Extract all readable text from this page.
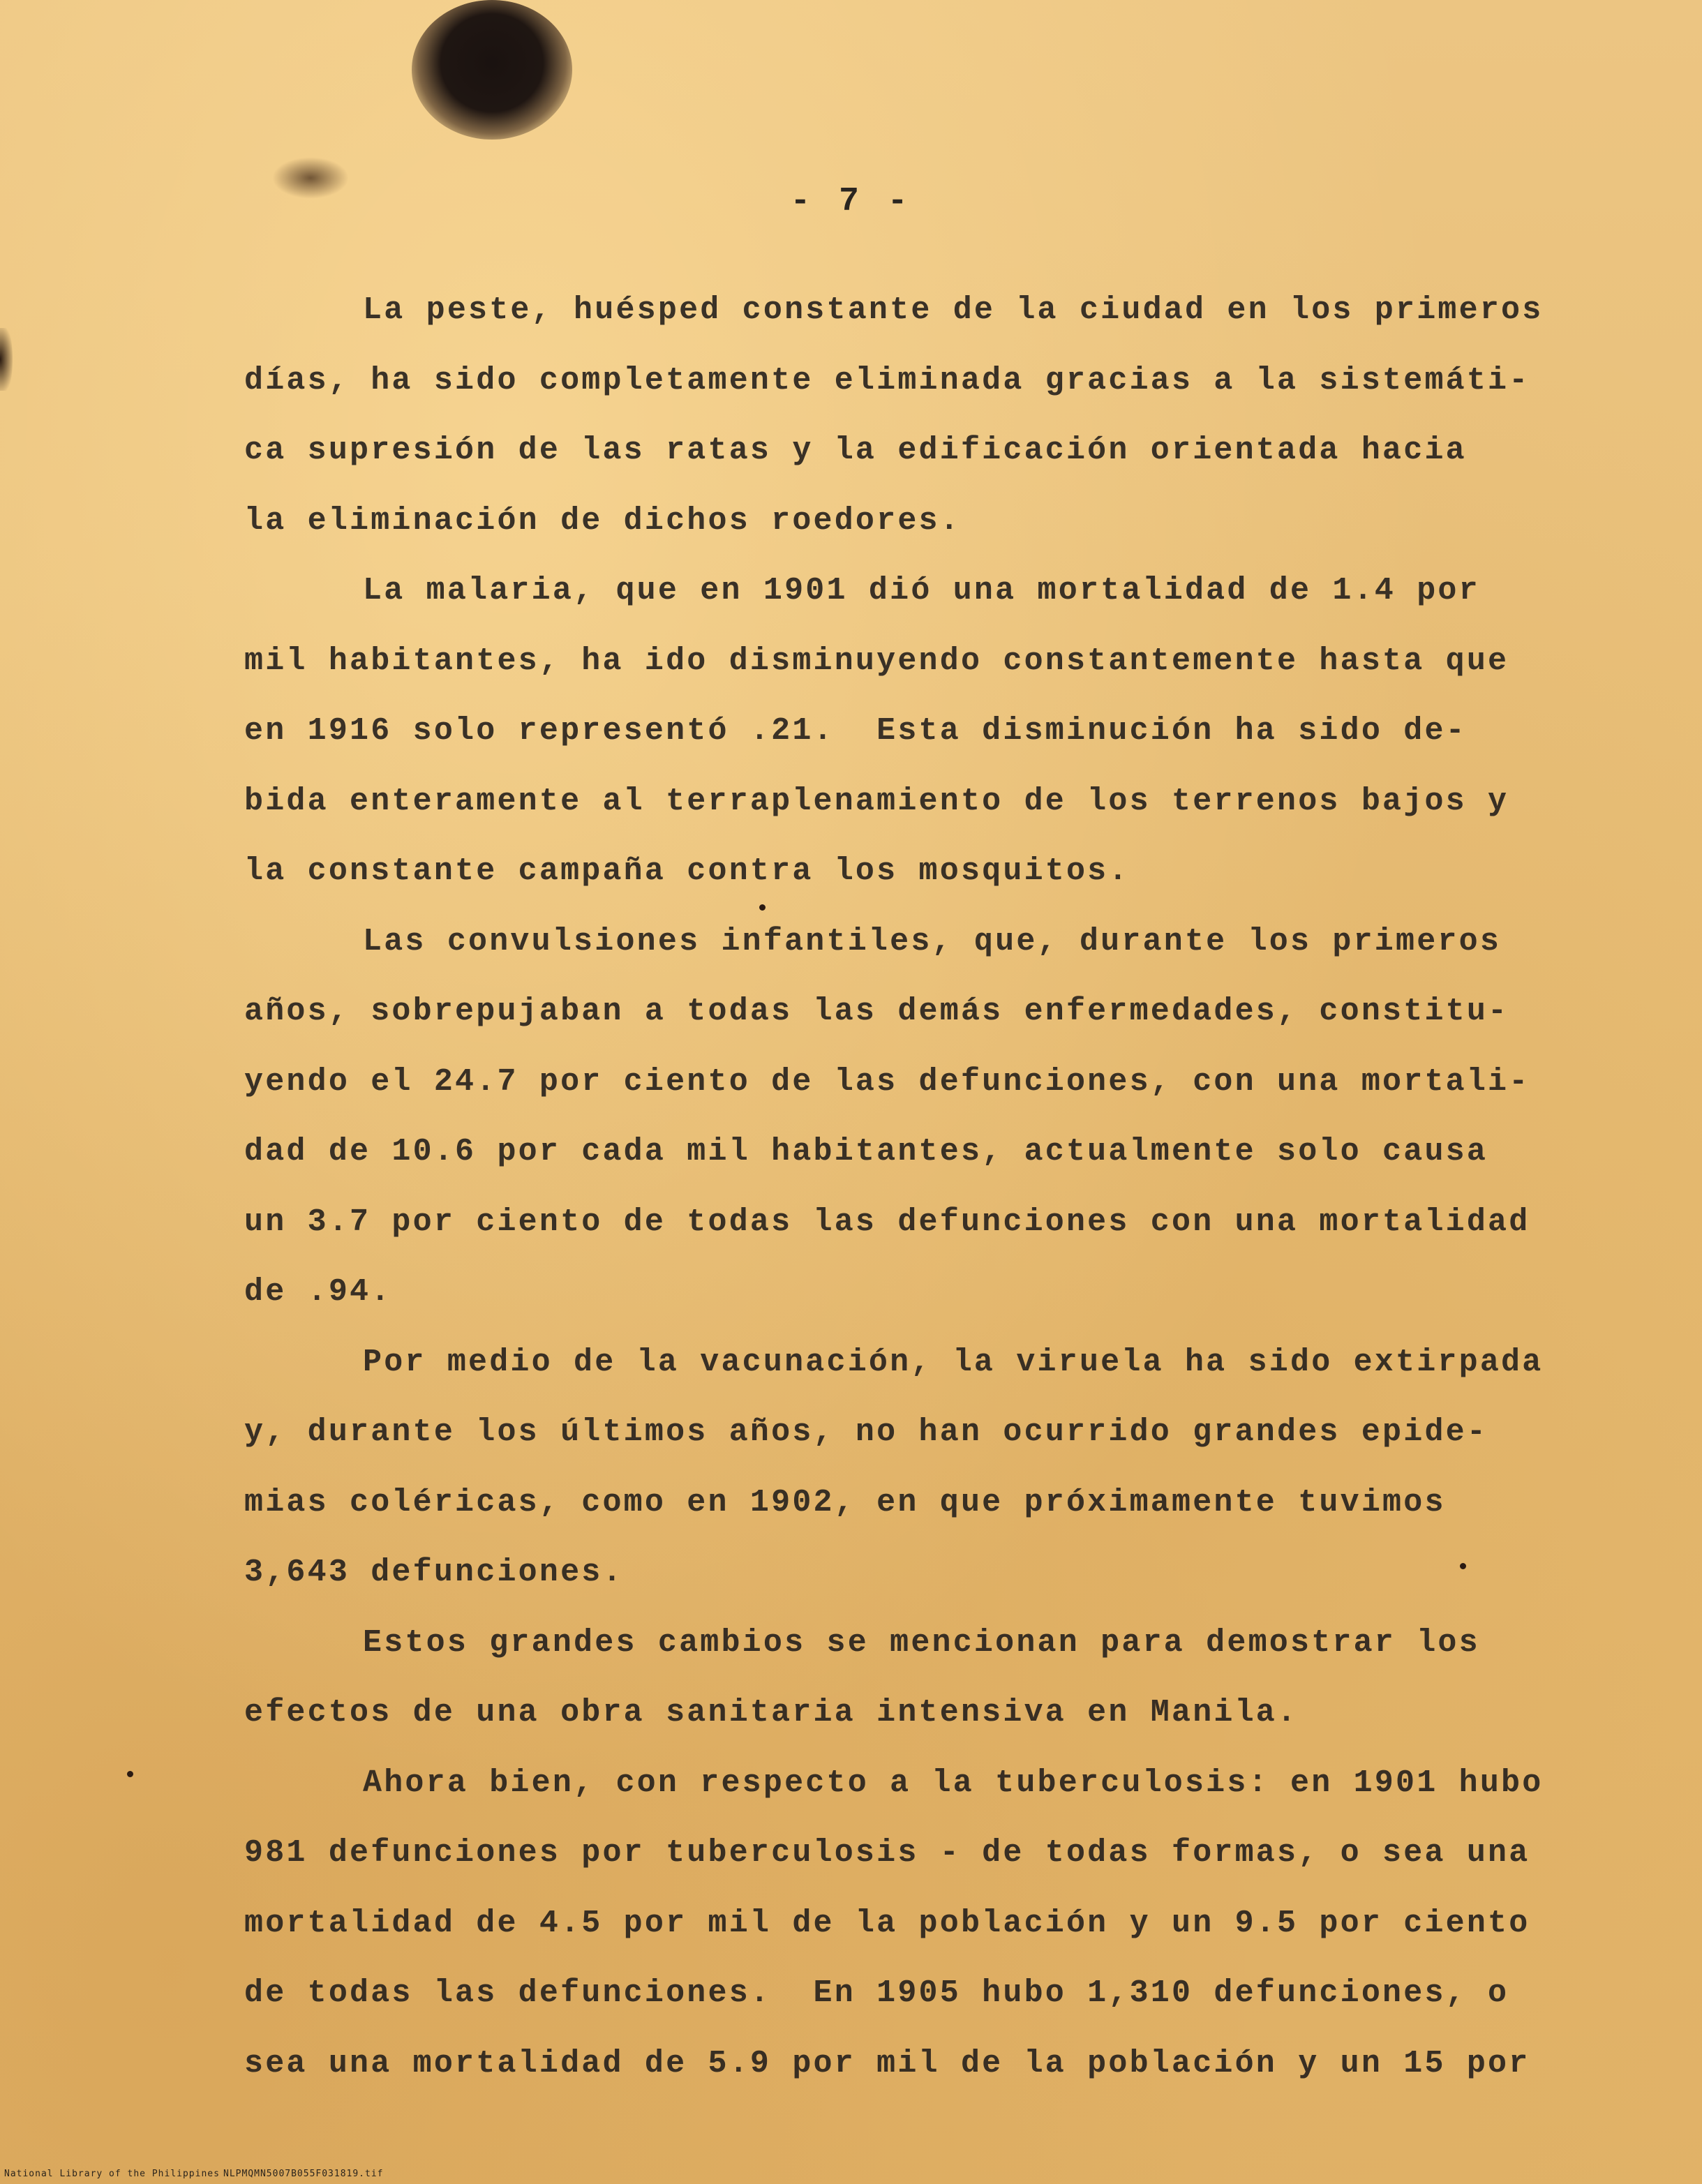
- 7 -
La peste, huésped constante de la ciudad en los primeros
días, ha sido completamente eliminada gracias a la sistemáti-
ca supresión de las ratas y la edificación orientada hacia
la eliminación de dichos roedores.
La malaria, que en 1901 dió una mortalidad de 1.4 por
mil habitantes, ha ido disminuyendo constantemente hasta que
en 1916 solo representó .21.  Esta disminución ha sido de-
bida enteramente al terraplenamiento de los terrenos bajos y
la constante campaña contra los mosquitos.
Las convulsiones infantiles, que, durante los primeros
años, sobrepujaban a todas las demás enfermedades, constitu-
yendo el 24.7 por ciento de las defunciones, con una mortali-
dad de 10.6 por cada mil habitantes, actualmente solo causa
un 3.7 por ciento de todas las defunciones con una mortalidad
de .94.
Por medio de la vacunación, la viruela ha sido extirpada
y, durante los últimos años, no han ocurrido grandes epide-
mias coléricas, como en 1902, en que próximamente tuvimos
3,643 defunciones.
Estos grandes cambios se mencionan para demostrar los
efectos de una obra sanitaria intensiva en Manila.
Ahora bien, con respecto a la tuberculosis: en 1901 hubo
981 defunciones por tuberculosis - de todas formas, o sea una
mortalidad de 4.5 por mil de la población y un 9.5 por ciento
de todas las defunciones.  En 1905 hubo 1,310 defunciones, o
sea una mortalidad de 5.9 por mil de la población y un 15 por
National Library of the Philippines NLPMQMN5007B055F031819.tif
